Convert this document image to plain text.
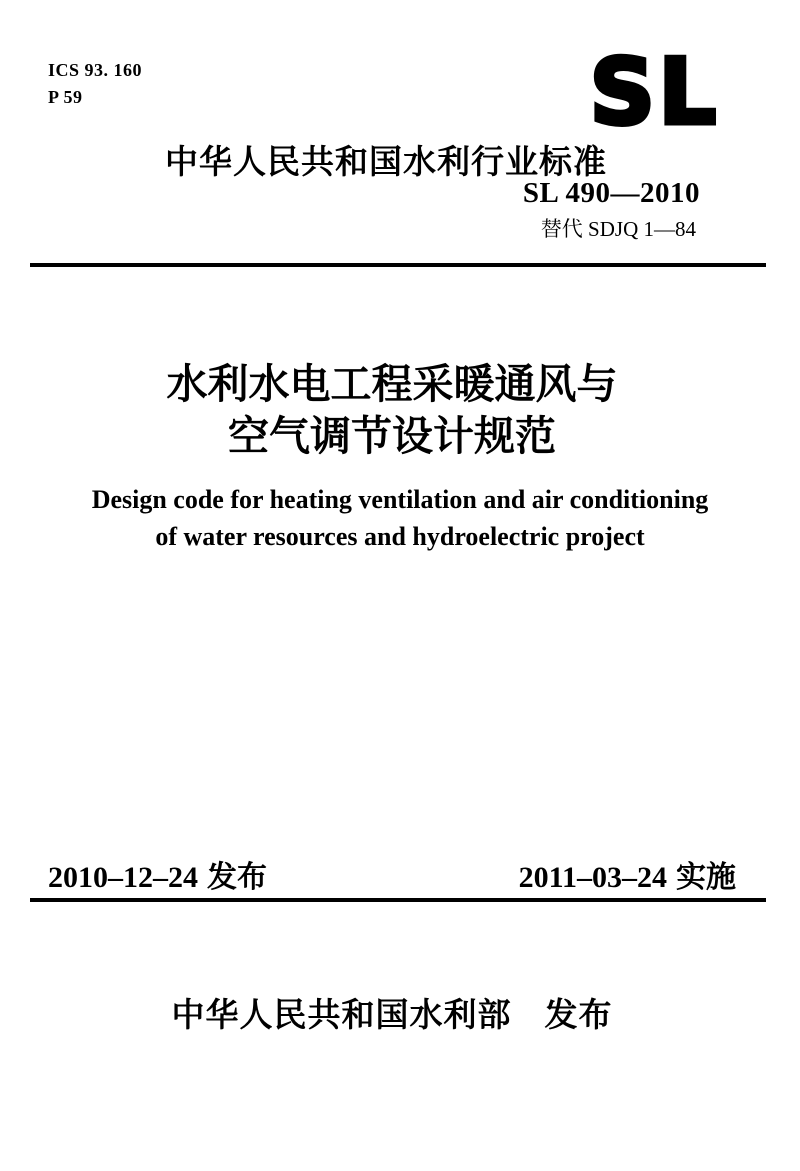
ICS 93. 160
P 59	SL
中华人民共和国水利行业标准
SL 490—2010
替代 SDJQ 1—84
水利水电工程采暖通风与
空气调节设计规范
Design code for heating ventilation and air conditioning
of water resources and hydroelectric project
2010–12–24 发布	2011–03–24 实施
中华人民共和国水利部 发布
